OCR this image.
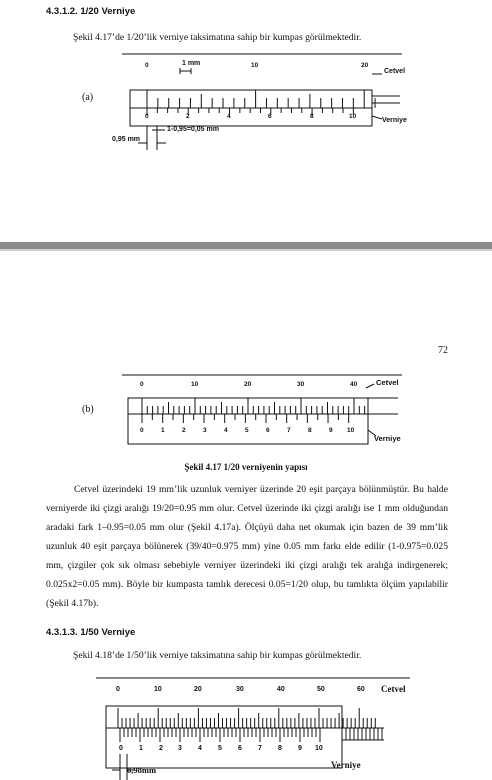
4.3.1.2. 1/20 Verniye
Şekil 4.17’de 1/20’lik verniye taksimatına sahip bir kumpas görülmektedir.
(a)
1 mm
0	10	20
Cetvel
Verniye
0	2	4	6	8	10
1-0,95=0,05 mm
0,95 mm
72
(b)
0	10	20	30	40	Cetvel
Verniye
0	1	2	3	4	5	6	7	8	9 10
Şekil 4.17 1/20 verniyenin yapısı
Cetvel üzerindeki 19 mm’lik uzunluk verniyer üzerinde 20 eşit parçaya bölünmüştür. Bu halde verniyerde iki çizgi aralığı 19/20=0.95 mm olur. Cetvel üzerinde iki çizgi aralığı ise 1 mm olduğundan aradaki fark 1–0.95=0.05 mm olur (Şekil 4.17a). Ölçüyü daha net okumak için bazen de 39 mm’lik uzunluk 40 eşit parçaya bölünerek (39/40=0.975 mm) yine 0.05 mm farkı elde edilir (1-0.975=0.025 mm, çizgiler çok sık olması sebebiyle verniyer üzerindeki iki çizgi aralığı tek aralığa indirgenerek; 0.025x2=0.05 mm). Böyle bir kumpasta tamlık derecesi 0.05=1/20 olup, bu tamlıkta ölçüm yapılabilir (Şekil 4.17b).
4.3.1.3. 1/50 Verniye
Şekil 4.18’de 1/50’lik verniye taksimatına sahip bir kumpas görülmektedir.
0	10	20	30	40	50	60 Cetvel
0 1 2 3 4 5 6 7 8 9 10
Verniye
0,98mm
